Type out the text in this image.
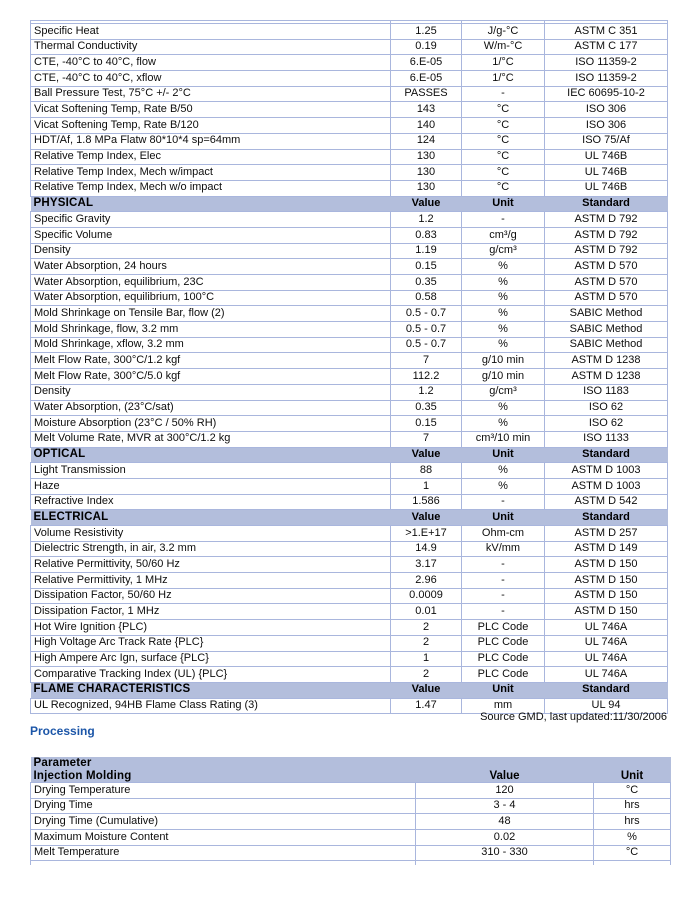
Specific Heat	1.25	J/g-°C	ASTM C 351
Thermal Conductivity	0.19	W/m-°C	ASTM C 177
CTE, -40°C to 40°C, flow	6.E-05	1/°C	ISO 11359-2
CTE, -40°C to 40°C, xflow	6.E-05	1/°C	ISO 11359-2
Ball Pressure Test, 75°C +/- 2°C	PASSES	-	IEC 60695-10-2
Vicat Softening Temp, Rate B/50	143	°C	ISO 306
Vicat Softening Temp, Rate B/120	140	°C	ISO 306
HDT/Af, 1.8 MPa Flatw 80*10*4 sp=64mm	124	°C	ISO 75/Af
Relative Temp Index, Elec	130	°C	UL 746B
Relative Temp Index, Mech w/impact	130	°C	UL 746B
Relative Temp Index, Mech w/o impact	130	°C	UL 746B
PHYSICAL	Value	Unit	Standard
Specific Gravity	1.2	-	ASTM D 792
Specific Volume	0.83	cm³/g	ASTM D 792
Density	1.19	g/cm³	ASTM D 792
Water Absorption, 24 hours	0.15	%	ASTM D 570
Water Absorption, equilibrium, 23C	0.35	%	ASTM D 570
Water Absorption, equilibrium, 100°C	0.58	%	ASTM D 570
Mold Shrinkage on Tensile Bar, flow (2)	0.5 - 0.7	%	SABIC Method
Mold Shrinkage, flow, 3.2 mm	0.5 - 0.7	%	SABIC Method
Mold Shrinkage, xflow, 3.2 mm	0.5 - 0.7	%	SABIC Method
Melt Flow Rate, 300°C/1.2 kgf	7	g/10 min	ASTM D 1238
Melt Flow Rate, 300°C/5.0 kgf	112.2	g/10 min	ASTM D 1238
Density	1.2	g/cm³	ISO 1183
Water Absorption, (23°C/sat)	0.35	%	ISO 62
Moisture Absorption (23°C / 50% RH)	0.15	%	ISO 62
Melt Volume Rate, MVR at 300°C/1.2 kg	7	cm³/10 min	ISO 1133
OPTICAL	Value	Unit	Standard
Light Transmission	88	%	ASTM D 1003
Haze	1	%	ASTM D 1003
Refractive Index	1.586	-	ASTM D 542
ELECTRICAL	Value	Unit	Standard
Volume Resistivity	>1.E+17	Ohm-cm	ASTM D 257
Dielectric Strength, in air, 3.2 mm	14.9	kV/mm	ASTM D 149
Relative Permittivity, 50/60 Hz	3.17	-	ASTM D 150
Relative Permittivity, 1 MHz	2.96	-	ASTM D 150
Dissipation Factor, 50/60 Hz	0.0009	-	ASTM D 150
Dissipation Factor, 1 MHz	0.01	-	ASTM D 150
Hot Wire Ignition {PLC)	2	PLC Code	UL 746A
High Voltage Arc Track Rate {PLC}	2	PLC Code	UL 746A
High Ampere Arc Ign, surface {PLC}	1	PLC Code	UL 746A
Comparative Tracking Index (UL) {PLC}	2	PLC Code	UL 746A
FLAME CHARACTERISTICS	Value	Unit	Standard
UL Recognized, 94HB Flame Class Rating (3)	1.47	mm	UL 94
Source GMD, last updated:11/30/2006
Processing
Parameter		
Injection Molding	Value	Unit
Drying Temperature	120	°C
Drying Time	3 - 4	hrs
Drying Time (Cumulative)	48	hrs
Maximum Moisture Content	0.02	%
Melt Temperature	310 - 330	°C
